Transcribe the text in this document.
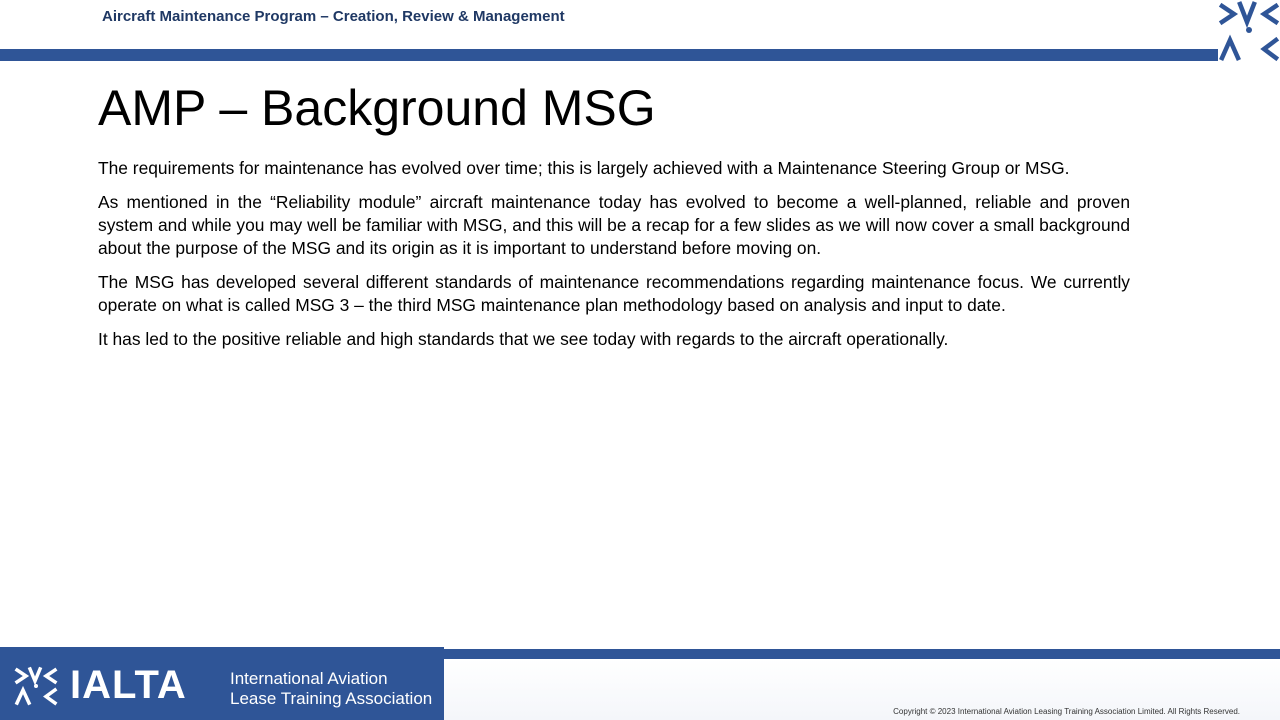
Aircraft Maintenance Program – Creation, Review & Management
AMP – Background MSG

The requirements for maintenance has evolved over time; this is largely achieved with a Maintenance Steering Group or MSG.

As mentioned in the “Reliability module” aircraft maintenance today has evolved to become a well-planned, reliable and proven system and while you may well be familiar with MSG, and this will be a recap for a few slides as we will now cover a small background about the purpose of the MSG and its origin as it is important to understand before moving on.

The MSG has developed several different standards of maintenance recommendations regarding maintenance focus. We currently operate on what is called MSG 3 – the third MSG maintenance plan methodology based on analysis and input to date.

It has led to the positive reliable and high standards that we see today with regards to the aircraft operationally.

IALTA	International Aviation
Lease Training Association
Copyright © 2023 International Aviation Leasing Training Association Limited. All Rights Reserved.
